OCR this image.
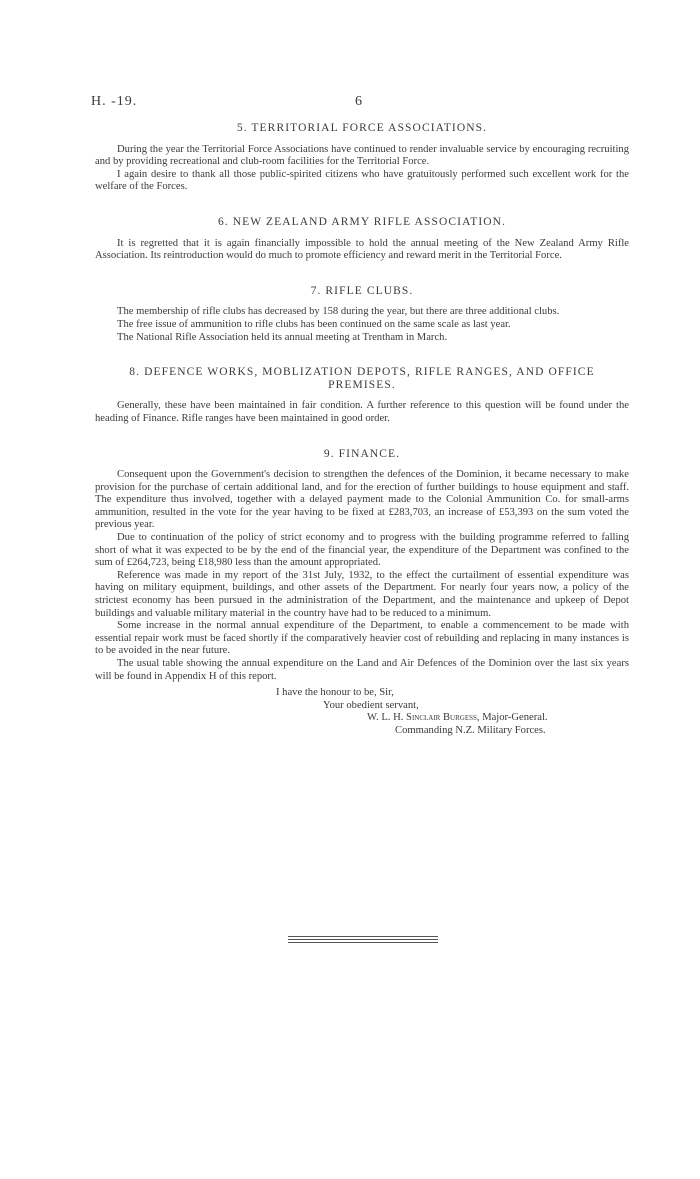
H. -19.	6
5. TERRITORIAL FORCE ASSOCIATIONS.

During the year the Territorial Force Associations have continued to render invaluable service by encouraging recruiting and by providing recreational and club-room facilities for the Territorial Force.

I again desire to thank all those public-spirited citizens who have gratuitously performed such excellent work for the welfare of the Forces.

6. NEW ZEALAND ARMY RIFLE ASSOCIATION.

It is regretted that it is again financially impossible to hold the annual meeting of the New Zealand Army Rifle Association. Its reintroduction would do much to promote efficiency and reward merit in the Territorial Force.

7. RIFLE CLUBS.

The membership of rifle clubs has decreased by 158 during the year, but there are three additional clubs.

The free issue of ammunition to rifle clubs has been continued on the same scale as last year.

The National Rifle Association held its annual meeting at Trentham in March.

8. DEFENCE WORKS, MOBLIZATION DEPOTS, RIFLE RANGES, AND OFFICE PREMISES.

Generally, these have been maintained in fair condition. A further reference to this question will be found under the heading of Finance. Rifle ranges have been maintained in good order.

9. FINANCE.

Consequent upon the Government's decision to strengthen the defences of the Dominion, it became necessary to make provision for the purchase of certain additional land, and for the erection of further buildings to house equipment and staff. The expenditure thus involved, together with a delayed payment made to the Colonial Ammunition Co. for small-arms ammunition, resulted in the vote for the year having to be fixed at £283,703, an increase of £53,393 on the sum voted the previous year.

Due to continuation of the policy of strict economy and to progress with the building programme referred to falling short of what it was expected to be by the end of the financial year, the expenditure of the Department was confined to the sum of £264,723, being £18,980 less than the amount appropriated.

Reference was made in my report of the 31st July, 1932, to the effect the curtailment of essential expenditure was having on military equipment, buildings, and other assets of the Department. For nearly four years now, a policy of the strictest economy has been pursued in the administration of the Department, and the maintenance and upkeep of Depot buildings and valuable military material in the country have had to be reduced to a minimum.

Some increase in the normal annual expenditure of the Department, to enable a commencement to be made with essential repair work must be faced shortly if the comparatively heavier cost of rebuilding and replacing in many instances is to be avoided in the near future.

The usual table showing the annual expenditure on the Land and Air Defences of the Dominion over the last six years will be found in Appendix H of this report.

I have the honour to be, Sir,
Your obedient servant,
W. L. H. Sinclair Burgess, Major-General.
Commanding N.Z. Military Forces.
